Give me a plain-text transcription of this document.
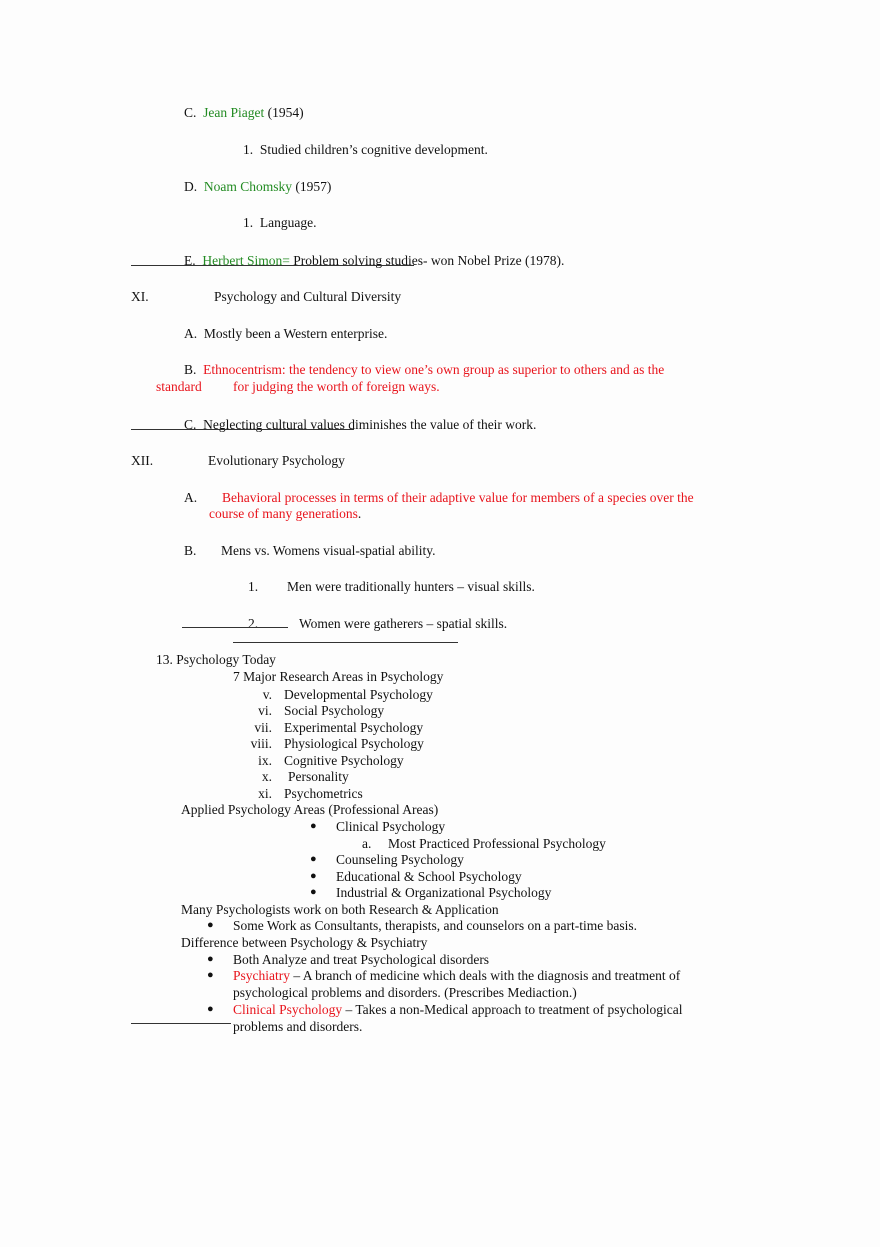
C. Jean Piaget (1954)
1. Studied children’s cognitive development.
D. Noam Chomsky (1957)
1. Language.
E. Herbert Simon= Problem solving studies- won Nobel Prize (1978).
XI.	Psychology and Cultural Diversity
A. Mostly been a Western enterprise.
B. Ethnocentrism: the tendency to view one’s own group as superior to others and as the
standard for judging the worth of foreign ways.
C. Neglecting cultural values diminishes the value of their work.
XII.	Evolutionary Psychology
A. Behavioral processes in terms of their adaptive value for members of a species over the
course of many generations.
B. Mens vs. Womens visual-spatial ability.
1. Men were traditionally hunters – visual skills.
2.	Women were gatherers – spatial skills.
13. Psychology Today
7 Major Research Areas in Psychology
v. Developmental Psychology
vi. Social Psychology
vii. Experimental Psychology
viii. Physiological Psychology
ix. Cognitive Psychology
x. Personality
xi. Psychometrics
Applied Psychology Areas (Professional Areas)
● Clinical Psychology
a. Most Practiced Professional Psychology
● Counseling Psychology
● Educational & School Psychology
● Industrial & Organizational Psychology
Many Psychologists work on both Research & Application
● Some Work as Consultants, therapists, and counselors on a part-time basis.
Difference between Psychology & Psychiatry
● Both Analyze and treat Psychological disorders
● Psychiatry – A branch of medicine which deals with the diagnosis and treatment of
psychological problems and disorders. (Prescribes Mediaction.)
● Clinical Psychology – Takes a non-Medical approach to treatment of psychological
problems and disorders.
